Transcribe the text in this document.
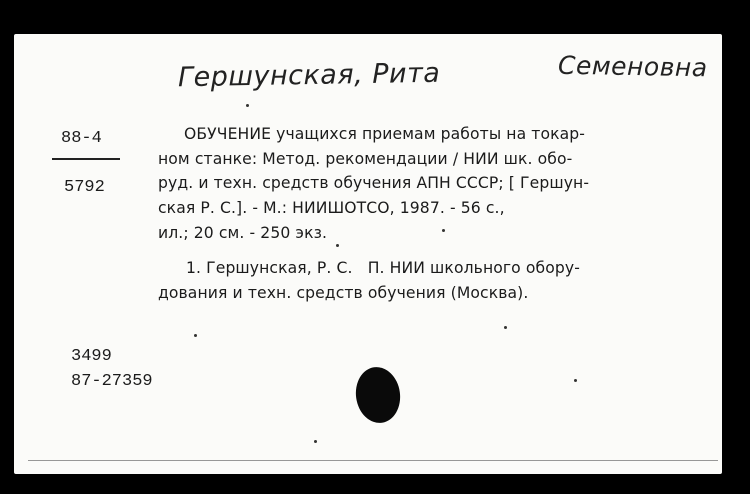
Гершунская, Рита	Семеновна
88-4
5792
ОБУЧЕНИЕ учащихся приемам работы на токар-
ном станке: Метод. рекомендации / НИИ шк. обо-
руд. и техн. средств обучения АПН СССР; [ Гершун-
ская Р. С.]. - М.: НИИШОТСО, 1987. - 56 с.,
ил.; 20 см. - 250 экз.
1. Гершунская, Р. С.   П. НИИ школьного обору-
дования и техн. средств обучения (Москва).
3499
87-27359
